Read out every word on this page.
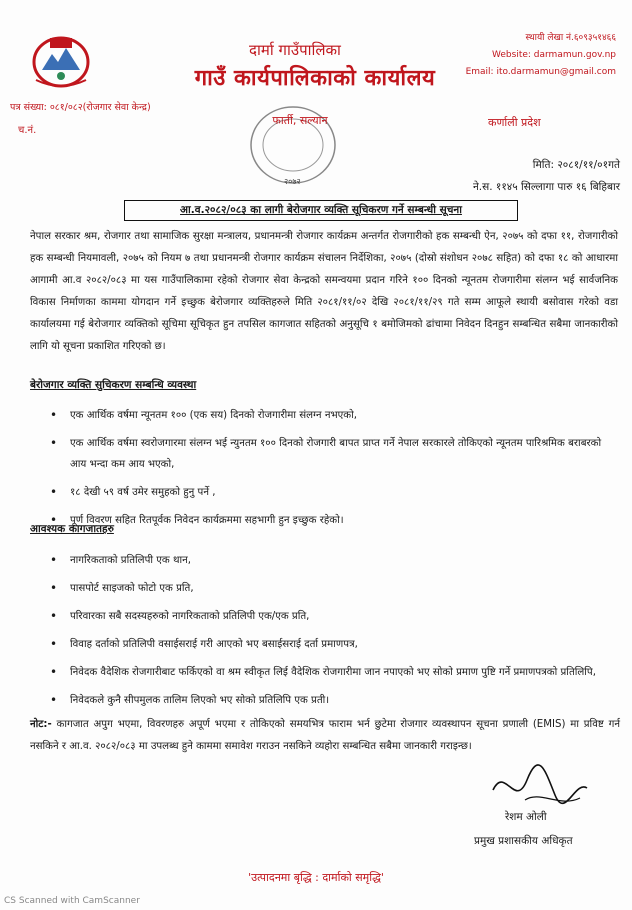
दार्मा गाउँपालिका
गाउँ कार्यपालिकाको कार्यालय
स्थायी लेखा नं.६०९३५१४६६
Website: darmamun.gov.np
Email: ito.darmamun@gmail.com
पत्र संख्या: ०८१/०८२(रोजगार सेवा केन्द्र)
च.नं.
फार्ती, सल्यान	कर्णाली प्रदेश
२०७२
मिति: २०८१/११/०१गते
ने.स. ११४५ सिल्लागा पारु १६ बिहिबार
आ.व.२०८२/०८३ का लागी बेरोजगार व्यक्ति सूचिकरण गर्ने सम्बन्धी सूचना

नेपाल सरकार श्रम, रोजगार तथा सामाजिक सुरक्षा मन्त्रालय, प्रधानमन्त्री रोजगार कार्यक्रम अन्तर्गत रोजगारीको हक सम्बन्धी ऐन, २०७५ को दफा ११, रोजगारीको हक सम्बन्धी नियमावली, २०७५ को नियम ७ तथा प्रधानमन्त्री रोजगार कार्यक्रम संचालन निर्देशिका, २०७५ (दोस्रो संशोधन २०७८ सहित) को दफा १८ को आधारमा आगामी आ.व २०८२/०८३ मा यस गाउँपालिकामा रहेको रोजगार सेवा केन्द्रको समन्वयमा प्रदान गरिने १०० दिनको न्यूनतम रोजगारीमा संलग्न भई सार्वजनिक विकास निर्माणका काममा योगदान गर्ने इच्छुक बेरोजगार व्यक्तिहरुले मिति २०८१/११/०२ देखि २०८१/११/२९ गते सम्म आफूले स्थायी बसोवास गरेको वडा कार्यालयमा गई बेरोजगार व्यक्तिको सूचिमा सूचिकृत हुन तपसिल कागजात सहितको अनुसूचि १ बमोजिमको ढांचामा निवेदन दिनहुन सम्बन्धित सबैमा जानकारीको लागि यो सूचना प्रकाशित गरिएको छ।

बेरोजगार व्यक्ति सुचिकरण सम्बन्धि व्यवस्था
• एक आर्थिक वर्षमा न्यूनतम १०० (एक सय) दिनको रोजगारीमा संलग्न नभएको,
• एक आर्थिक वर्षमा स्वरोजगारमा संलग्न भई न्युनतम १०० दिनको रोजगारी बापत प्राप्त गर्ने नेपाल सरकारले तोकिएको न्यूनतम पारिश्रमिक बराबरको आय भन्दा कम आय भएको,
• १८ देखी ५९ वर्ष उमेर समुहको हुनु पर्ने ,
• पूर्ण विवरण सहित रितपूर्वक निवेदन कार्यक्रममा सहभागी हुन इच्छुक रहेको।
आवश्यक कागजातहरु
• नागरिकताको प्रतिलिपी एक थान,
• पासपोर्ट साइजको फोटो एक प्रति,
• परिवारका सबै सदस्यहरुको नागरिकताको प्रतिलिपी एक/एक प्रति,
• विवाह दर्ताको प्रतिलिपी वसाईसराई गरी आएको भए बसाईसराई दर्ता प्रमाणपत्र,
• निवेदक वैदेशिक रोजगारीबाट फर्किएको वा श्रम स्वीकृत लिई वैदेशिक रोजगारीमा जान नपाएको भए सोको प्रमाण पुष्टि गर्ने प्रमाणपत्रको प्रतिलिपि,
• निवेदकले कुनै सीपमुलक तालिम लिएको भए सोको प्रतिलिपि एक प्रती।

नोट:- कागजात अपुग भएमा, विवरणहरु अपूर्ण भएमा र तोकिएको समयभित्र फाराम भर्न छुटेमा रोजगार व्यवस्थापन सूचना प्रणाली (EMIS) मा प्रविष्ट गर्न नसकिने र आ.व. २०८२/०८३ मा उपलब्ध हुने काममा समावेश गराउन नसकिने व्यहोरा सम्बन्धित सबैमा जानकारी गराइन्छ।

रेशम ओली
प्रमुख प्रशासकीय अधिकृत
'उत्पादनमा बृद्धि : दार्माको समृद्धि'
CS Scanned with CamScanner
